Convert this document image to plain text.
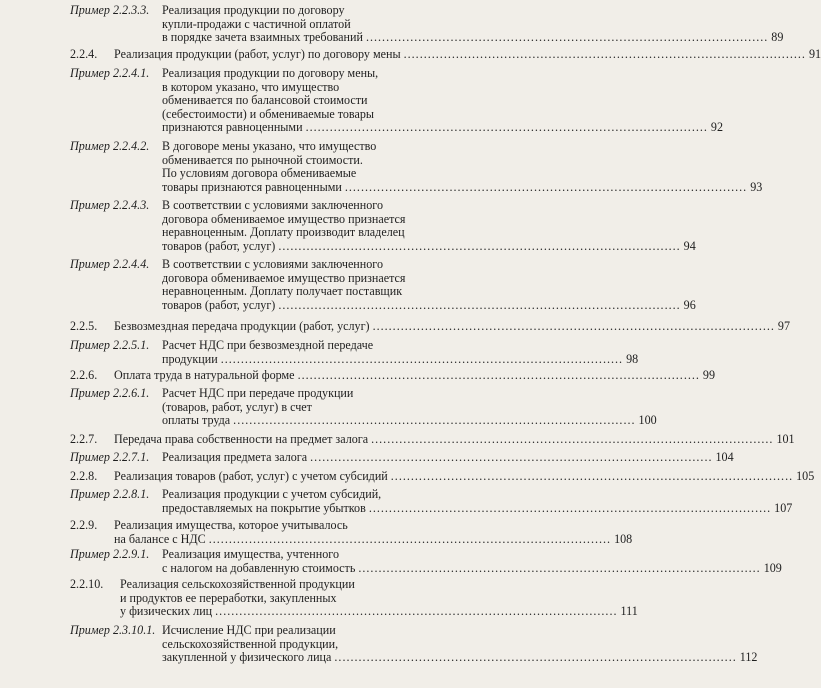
Пример 2.2.3.3. Реализация продукции по договору
купли-продажи с частичной оплатой
в порядке зачета взаимных требований .................................................................................................... 89
2.2.4. Реализация продукции (работ, услуг) по договору мены .................................................................................................... 91
Пример 2.2.4.1. Реализация продукции по договору мены,
в котором указано, что имущество
обменивается по балансовой стоимости
(себестоимости) и обмениваемые товары
признаются равноценными .................................................................................................... 92
Пример 2.2.4.2. В договоре мены указано, что имущество
обменивается по рыночной стоимости.
По условиям договора обмениваемые
товары признаются равноценными .................................................................................................... 93
Пример 2.2.4.3. В соответствии с условиями заключенного
договора обмениваемое имущество признается
неравноценным. Доплату производит владелец
товаров (работ, услуг) .................................................................................................... 94
Пример 2.2.4.4. В соответствии с условиями заключенного
договора обмениваемое имущество признается
неравноценным. Доплату получает поставщик
товаров (работ, услуг) .................................................................................................... 96
2.2.5. Безвозмездная передача продукции (работ, услуг) .................................................................................................... 97
Пример 2.2.5.1. Расчет НДС при безвозмездной передаче
продукции .................................................................................................... 98
2.2.6. Оплата труда в натуральной форме .................................................................................................... 99
Пример 2.2.6.1. Расчет НДС при передаче продукции
(товаров, работ, услуг) в счет
оплаты труда .................................................................................................... 100
2.2.7. Передача права собственности на предмет залога .................................................................................................... 101
Пример 2.2.7.1. Реализация предмета залога .................................................................................................... 104
2.2.8. Реализация товаров (работ, услуг) с учетом субсидий .................................................................................................... 105
Пример 2.2.8.1. Реализация продукции с учетом субсидий,
предоставляемых на покрытие убытков .................................................................................................... 107
2.2.9. Реализация имущества, которое учитывалось
на балансе с НДС .................................................................................................... 108
Пример 2.2.9.1. Реализация имущества, учтенного
с налогом на добавленную стоимость .................................................................................................... 109
2.2.10. Реализация сельскохозяйственной продукции
и продуктов ее переработки, закупленных
у физических лиц .................................................................................................... 111
Пример 2.3.10.1. Исчисление НДС при реализации
сельскохозяйственной продукции,
закупленной у физического лица .................................................................................................... 112
